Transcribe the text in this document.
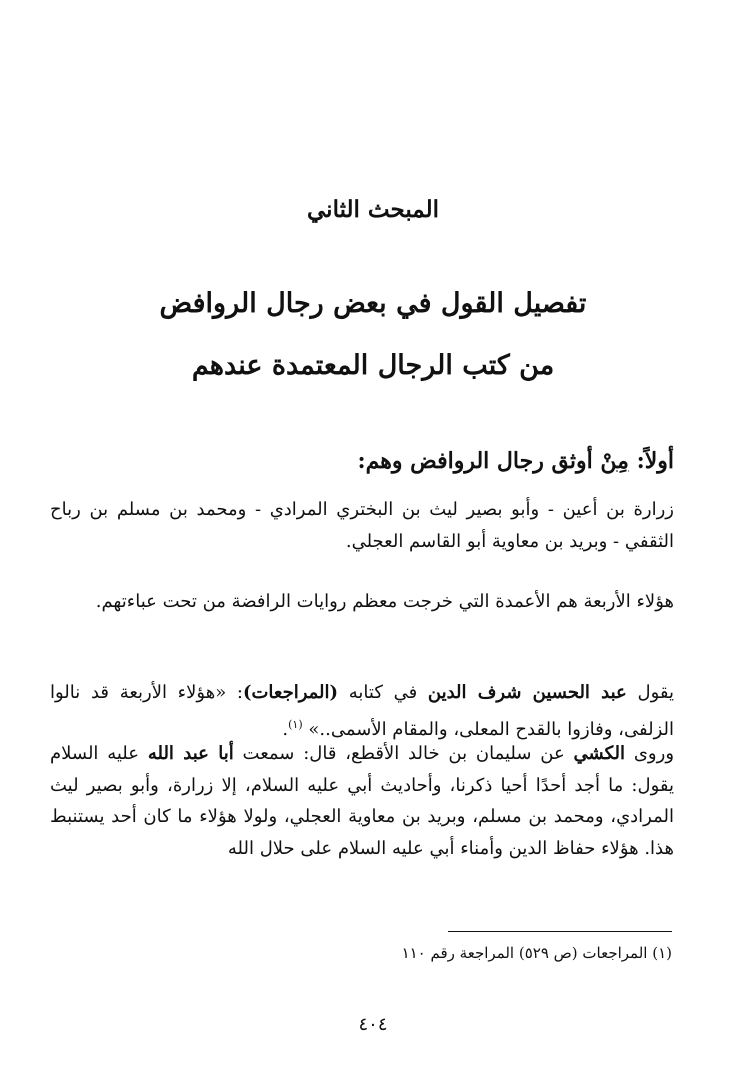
المبحث الثاني
تفصيل القول في بعض رجال الروافض
من كتب الرجال المعتمدة عندهم
أولاً: مِنْ أوثق رجال الروافض وهم:
زرارة بن أعين - وأبو بصير ليث بن البختري المرادي - ومحمد بن مسلم بن رباح الثقفي - وبريد بن معاوية أبو القاسم العجلي.
هؤلاء الأربعة هم الأعمدة التي خرجت معظم روايات الرافضة من تحت عباءتهم.
يقول عبد الحسين شرف الدين في كتابه (المراجعات): «هؤلاء الأربعة قد نالوا الزلفى، وفازوا بالقدح المعلى، والمقام الأسمى..» $^{(١)}$.
وروى الكشي عن سليمان بن خالد الأقطع، قال: سمعت أبا عبد الله عليه السلام يقول: ما أجد أحدًا أحيا ذكرنا، وأحاديث أبي عليه السلام، إلا زرارة، وأبو بصير ليث المرادي، ومحمد بن مسلم، وبريد بن معاوية العجلي، ولولا هؤلاء ما كان أحد يستنبط هذا. هؤلاء حفاظ الدين وأمناء أبي عليه السلام على حلال الله
(١) المراجعات (ص ٥٢٩) المراجعة رقم ١١٠
٤٠٤
